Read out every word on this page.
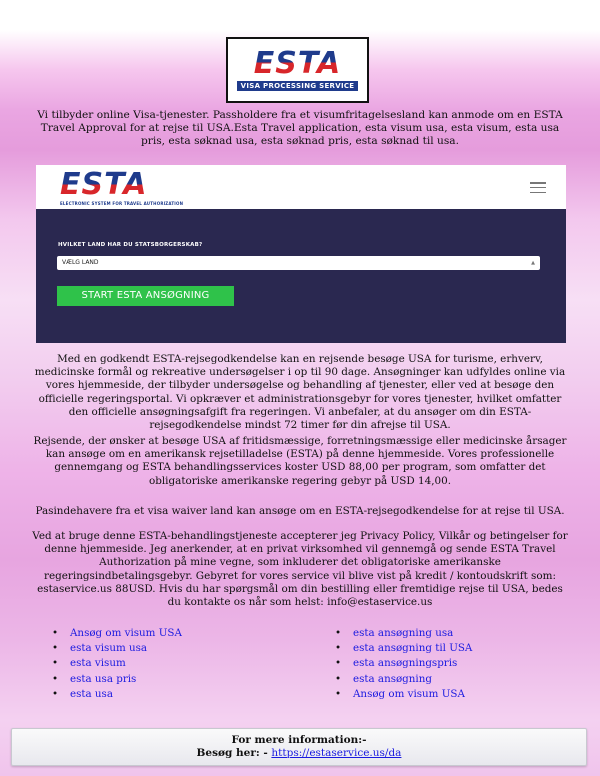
ESTA
VISA PROCESSING SERVICE

Vi tilbyder online Visa-tjenester. Passholdere fra et visumfritagelsesland kan anmode om en ESTA Travel Approval for at rejse til USA.Esta Travel application, esta visum usa, esta visum, esta usa pris, esta søknad usa, esta søknad pris, esta søknad til usa.

ESTA
ELECTRONIC SYSTEM FOR TRAVEL AUTHORIZATION
HVILKET LAND HAR DU STATSBORGERSKAB?
VÆLG LAND	▲

START ESTA ANSØGNING

Med en godkendt ESTA-rejsegodkendelse kan en rejsende besøge USA for turisme, erhverv, medicinske formål og rekreative undersøgelser i op til 90 dage. Ansøgninger kan udfyldes online via vores hjemmeside, der tilbyder undersøgelse og behandling af tjenester, eller ved at besøge den officielle regeringsportal. Vi opkræver et administrationsgebyr for vores tjenester, hvilket omfatter den officielle ansøgningsafgift fra regeringen. Vi anbefaler, at du ansøger om din ESTA-rejsegodkendelse mindst 72 timer før din afrejse til USA.

Rejsende, der ønsker at besøge USA af fritidsmæssige, forretningsmæssige eller medicinske årsager kan ansøge om en amerikansk rejsetilladelse (ESTA) på denne hjemmeside. Vores professionelle gennemgang og ESTA behandlingsservices koster USD 88,00 per program, som omfatter det obligatoriske amerikanske regering gebyr på USD 14,00.

Pasindehavere fra et visa waiver land kan ansøge om en ESTA-rejsegodkendelse for at rejse til USA.

Ved at bruge denne ESTA-behandlingstjeneste accepterer jeg Privacy Policy, Vilkår og betingelser for denne hjemmeside. Jeg anerkender, at en privat virksomhed vil gennemgå og sende ESTA Travel Authorization på mine vegne, som inkluderer det obligatoriske amerikanske regeringsindbetalingsgebyr. Gebyret for vores service vil blive vist på kredit / kontoudskrift som: estaservice.us 88USD. Hvis du har spørgsmål om din bestilling eller fremtidige rejse til USA, bedes du kontakte os når som helst: info@estaservice.us

• Ansøg om visum USA
• esta visum usa
• esta visum
• esta usa pris
• esta usa
• esta ansøgning usa
• esta ansøgning til USA
• esta ansøgningspris
• esta ansøgning
• Ansøg om visum USA
For mere information:-
Besøg her: - https://estaservice.us/da
